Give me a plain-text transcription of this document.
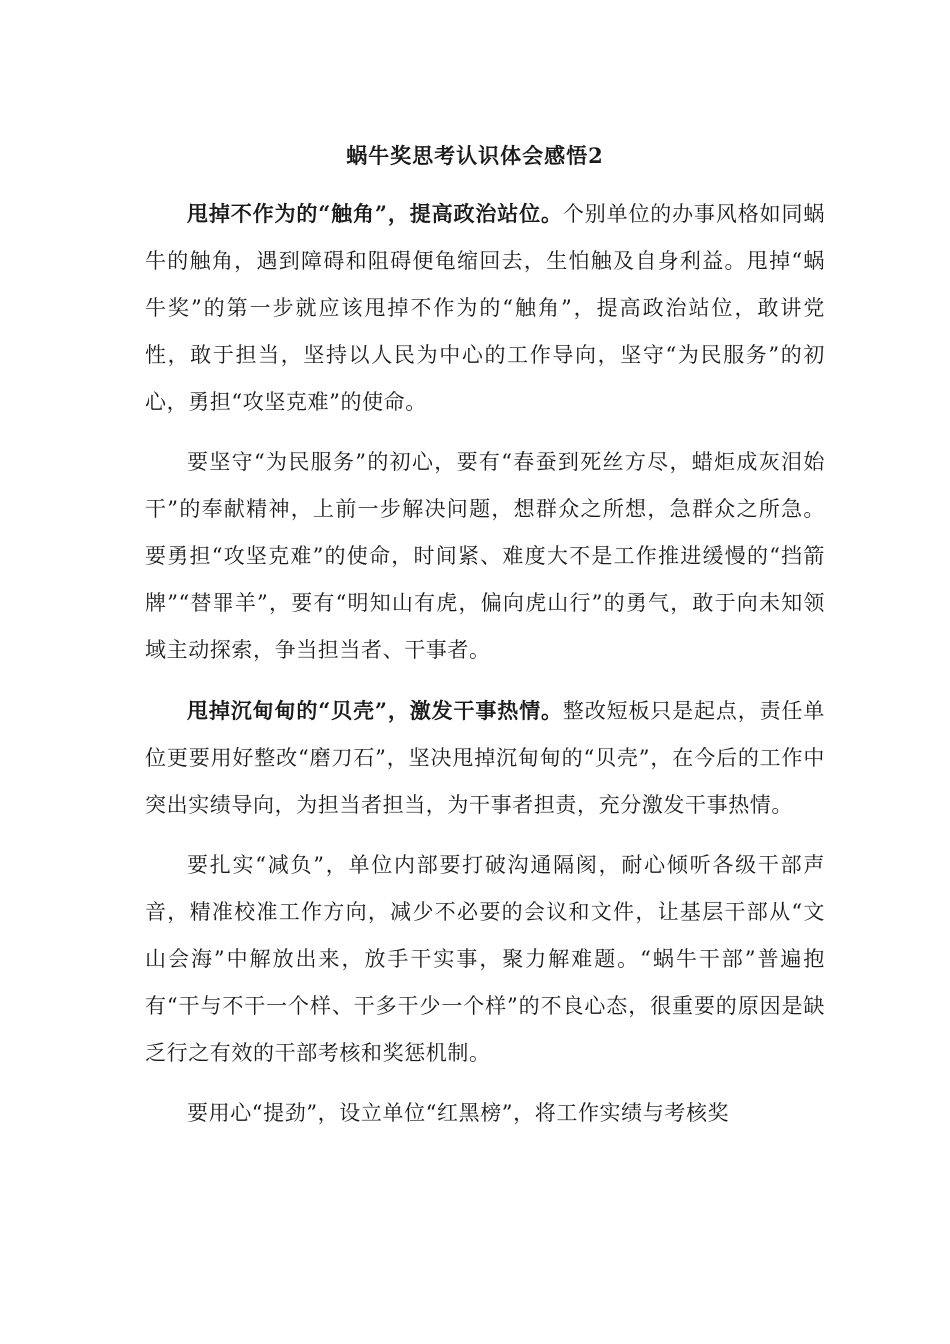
蜗牛奖思考认识体会感悟2

甩掉不作为的“触角”，提高政治站位。个别单位的办事风格如同蜗牛的触角，遇到障碍和阻碍便龟缩回去，生怕触及自身利益。甩掉“蜗牛奖”的第一步就应该甩掉不作为的“触角”，提高政治站位，敢讲党性，敢于担当，坚持以人民为中心的工作导向，坚守“为民服务”的初心，勇担“攻坚克难”的使命。

要坚守“为民服务”的初心，要有“春蚕到死丝方尽，蜡炬成灰泪始干”的奉献精神，上前一步解决问题，想群众之所想，急群众之所急。要勇担“攻坚克难”的使命，时间紧、难度大不是工作推进缓慢的“挡箭牌”“替罪羊”，要有“明知山有虎，偏向虎山行”的勇气，敢于向未知领域主动探索，争当担当者、干事者。

甩掉沉甸甸的“贝壳”，激发干事热情。整改短板只是起点，责任单位更要用好整改“磨刀石”，坚决甩掉沉甸甸的“贝壳”，在今后的工作中突出实绩导向，为担当者担当，为干事者担责，充分激发干事热情。

要扎实“减负”，单位内部要打破沟通隔阂，耐心倾听各级干部声音，精准校准工作方向，减少不必要的会议和文件，让基层干部从“文山会海”中解放出来，放手干实事，聚力解难题。“蜗牛干部”普遍抱有“干与不干一个样、干多干少一个样”的不良心态，很重要的原因是缺乏行之有效的干部考核和奖惩机制。

要用心“提劲”，设立单位“红黑榜”，将工作实绩与考核奖
